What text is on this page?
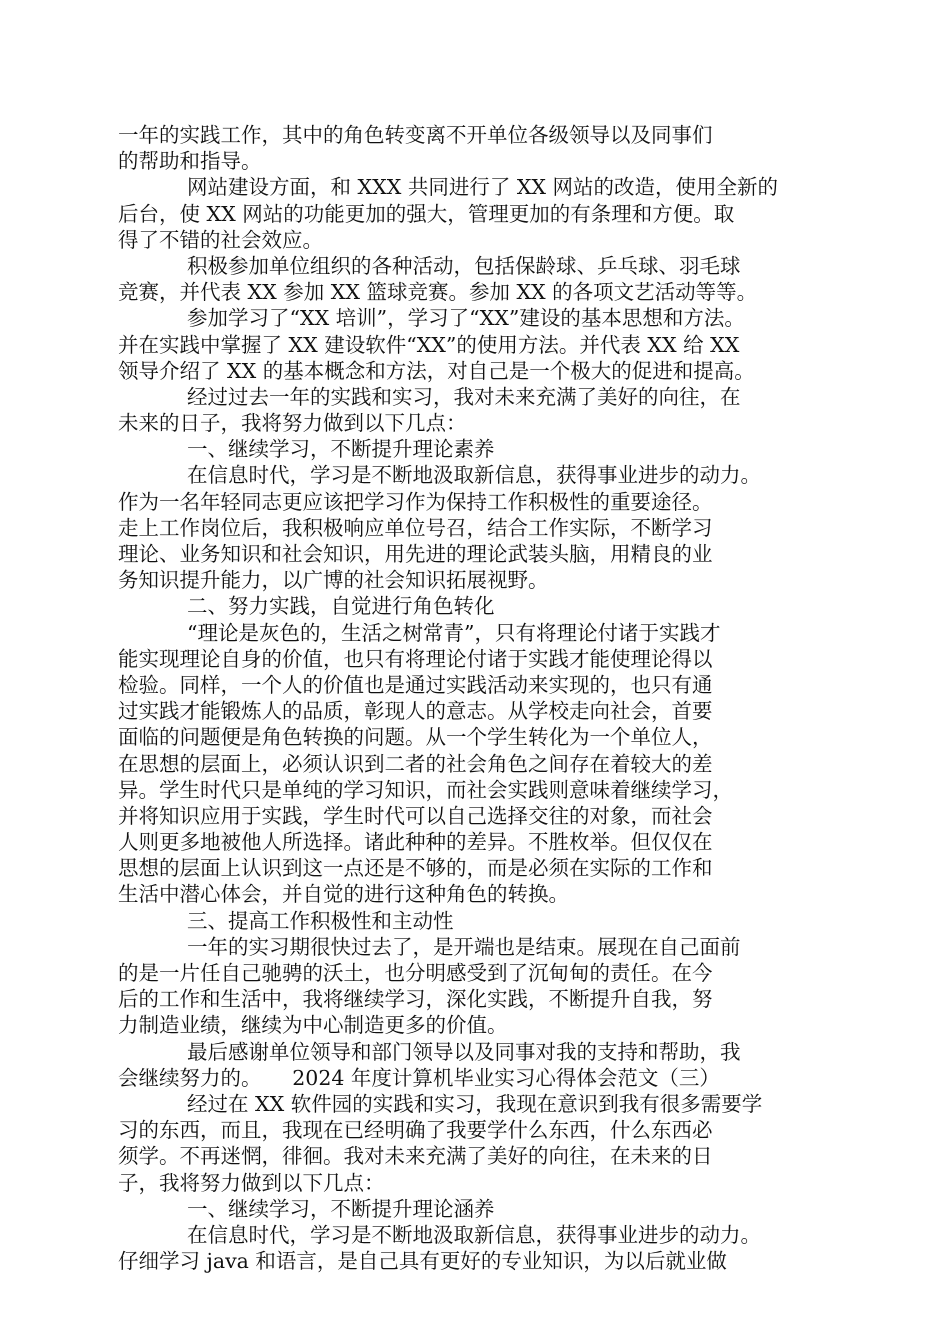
一年的实践工作，其中的角色转变离不开单位各级领导以及同事们
的帮助和指导。
网站建设方面，和 XXX 共同进行了 XX 网站的改造，使用全新的
后台，使 XX 网站的功能更加的强大，管理更加的有条理和方便。取
得了不错的社会效应。
积极参加单位组织的各种活动，包括保龄球、乒乓球、羽毛球
竞赛，并代表 XX 参加 XX 篮球竞赛。参加 XX 的各项文艺活动等等。
参加学习了“XX 培训”，学习了“XX”建设的基本思想和方法。
并在实践中掌握了 XX 建设软件“XX”的使用方法。并代表 XX 给 XX
领导介绍了 XX 的基本概念和方法，对自己是一个极大的促进和提高。
经过过去一年的实践和实习，我对未来充满了美好的向往，在
未来的日子，我将努力做到以下几点：
一、继续学习，不断提升理论素养
在信息时代，学习是不断地汲取新信息，获得事业进步的动力。
作为一名年轻同志更应该把学习作为保持工作积极性的重要途径。
走上工作岗位后，我积极响应单位号召，结合工作实际，不断学习
理论、业务知识和社会知识，用先进的理论武装头脑，用精良的业
务知识提升能力，以广博的社会知识拓展视野。
二、努力实践，自觉进行角色转化
“理论是灰色的，生活之树常青”，只有将理论付诸于实践才
能实现理论自身的价值，也只有将理论付诸于实践才能使理论得以
检验。同样，一个人的价值也是通过实践活动来实现的，也只有通
过实践才能锻炼人的品质，彰现人的意志。从学校走向社会，首要
面临的问题便是角色转换的问题。从一个学生转化为一个单位人，
在思想的层面上，必须认识到二者的社会角色之间存在着较大的差
异。学生时代只是单纯的学习知识，而社会实践则意味着继续学习，
并将知识应用于实践，学生时代可以自己选择交往的对象，而社会
人则更多地被他人所选择。诸此种种的差异。不胜枚举。但仅仅在
思想的层面上认识到这一点还是不够的，而是必须在实际的工作和
生活中潜心体会，并自觉的进行这种角色的转换。
三、提高工作积极性和主动性
一年的实习期很快过去了，是开端也是结束。展现在自己面前
的是一片任自己驰骋的沃土，也分明感受到了沉甸甸的责任。在今
后的工作和生活中，我将继续学习，深化实践，不断提升自我，努
力制造业绩，继续为中心制造更多的价值。
最后感谢单位领导和部门领导以及同事对我的支持和帮助，我
会继续努力的。　　2024 年度计算机毕业实习心得体会范文（三）
经过在 XX 软件园的实践和实习，我现在意识到我有很多需要学
习的东西，而且，我现在已经明确了我要学什么东西，什么东西必
须学。不再迷惘，徘徊。我对未来充满了美好的向往，在未来的日
子，我将努力做到以下几点：
一、继续学习，不断提升理论涵养
在信息时代，学习是不断地汲取新信息，获得事业进步的动力。
仔细学习 java 和语言，是自己具有更好的专业知识，为以后就业做
